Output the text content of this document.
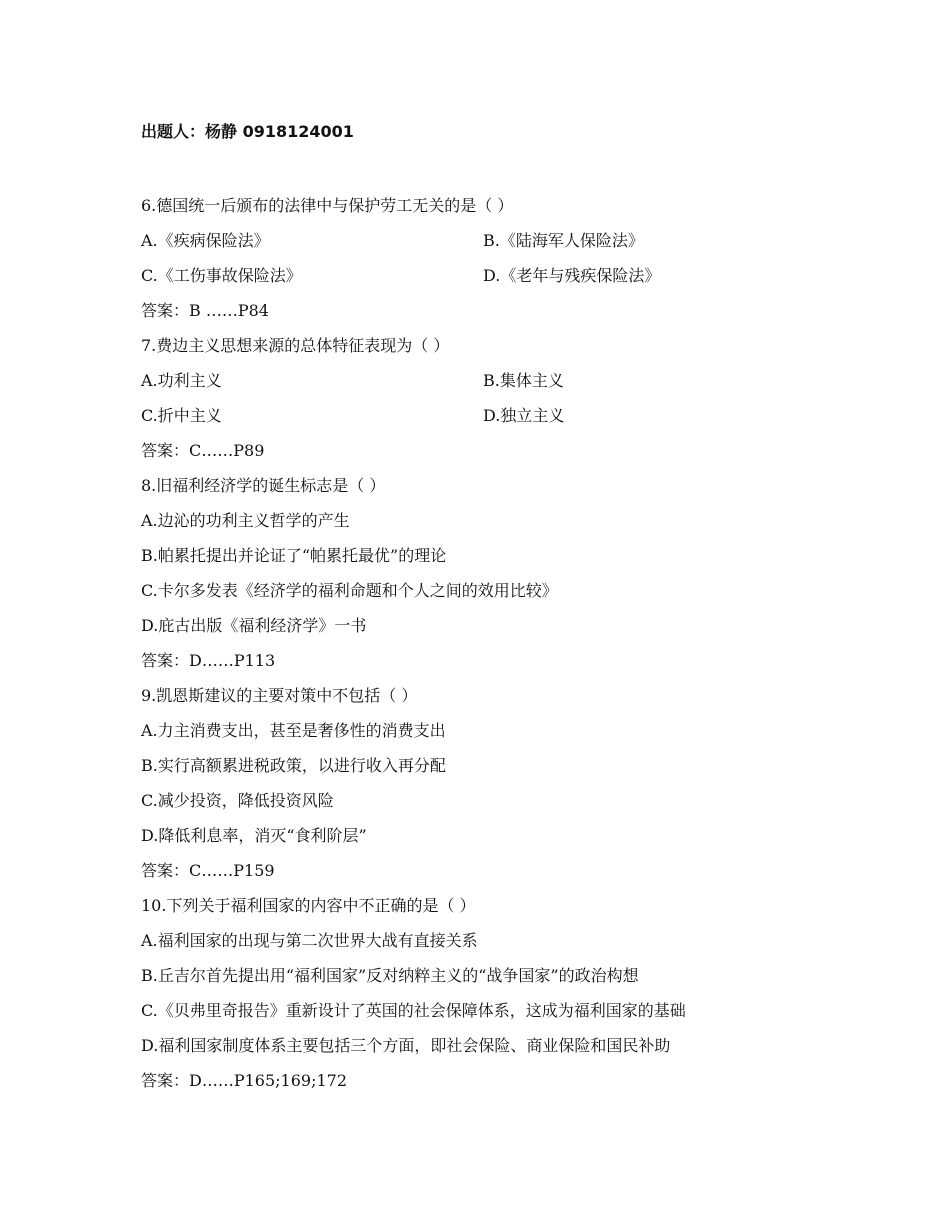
出题人：杨静 0918124001
6.德国统一后颁布的法律中与保护劳工无关的是（ ）
A.《疾病保险法》	B.《陆海军人保险法》
C.《工伤事故保险法》	D.《老年与残疾保险法》
答案：B ……P84
7.费边主义思想来源的总体特征表现为（ ）
A.功利主义	B.集体主义
C.折中主义	D.独立主义
答案：C……P89
8.旧福利经济学的诞生标志是（ ）
A.边沁的功利主义哲学的产生
B.帕累托提出并论证了“帕累托最优”的理论
C.卡尔多发表《经济学的福利命题和个人之间的效用比较》
D.庇古出版《福利经济学》一书
答案：D……P113
9.凯恩斯建议的主要对策中不包括（ ）
A.力主消费支出，甚至是奢侈性的消费支出
B.实行高额累进税政策，以进行收入再分配
C.减少投资，降低投资风险
D.降低利息率，消灭“食利阶层”
答案：C……P159
10.下列关于福利国家的内容中不正确的是（ ）
A.福利国家的出现与第二次世界大战有直接关系
B.丘吉尔首先提出用“福利国家”反对纳粹主义的“战争国家”的政治构想
C.《贝弗里奇报告》重新设计了英国的社会保障体系，这成为福利国家的基础
D.福利国家制度体系主要包括三个方面，即社会保险、商业保险和国民补助
答案：D……P165;169;172
